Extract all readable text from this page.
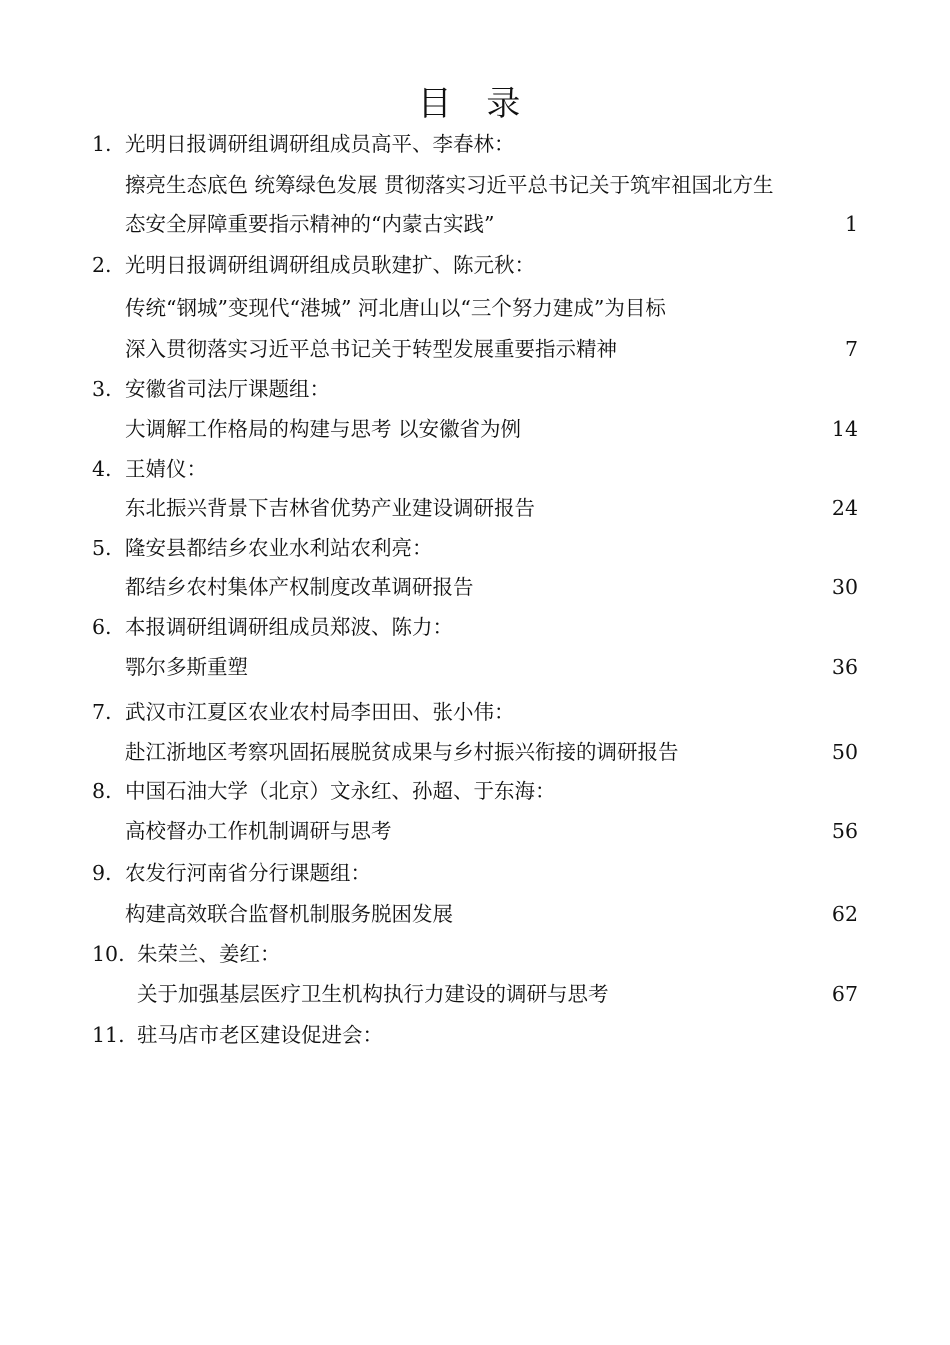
目 录
1. 光明日报调研组调研组成员高平、李春林：
擦亮生态底色 统筹绿色发展 贯彻落实习近平总书记关于筑牢祖国北方生
态安全屏障重要指示精神的“内蒙古实践”	1
2. 光明日报调研组调研组成员耿建扩、陈元秋：
传统“钢城”变现代“港城” 河北唐山以“三个努力建成”为目标
深入贯彻落实习近平总书记关于转型发展重要指示精神	7
3. 安徽省司法厅课题组：
大调解工作格局的构建与思考 以安徽省为例	14
4. 王婧仪：
东北振兴背景下吉林省优势产业建设调研报告	24
5. 隆安县都结乡农业水利站农利亮：
都结乡农村集体产权制度改革调研报告	30
6. 本报调研组调研组成员郑波、陈力：
鄂尔多斯重塑	36
7. 武汉市江夏区农业农村局李田田、张小伟：
赴江浙地区考察巩固拓展脱贫成果与乡村振兴衔接的调研报告	50
8. 中国石油大学（北京）文永红、孙超、于东海：
高校督办工作机制调研与思考	56
9. 农发行河南省分行课题组：
构建高效联合监督机制服务脱困发展	62
10. 朱荣兰、姜红：
关于加强基层医疗卫生机构执行力建设的调研与思考	67
11. 驻马店市老区建设促进会：
